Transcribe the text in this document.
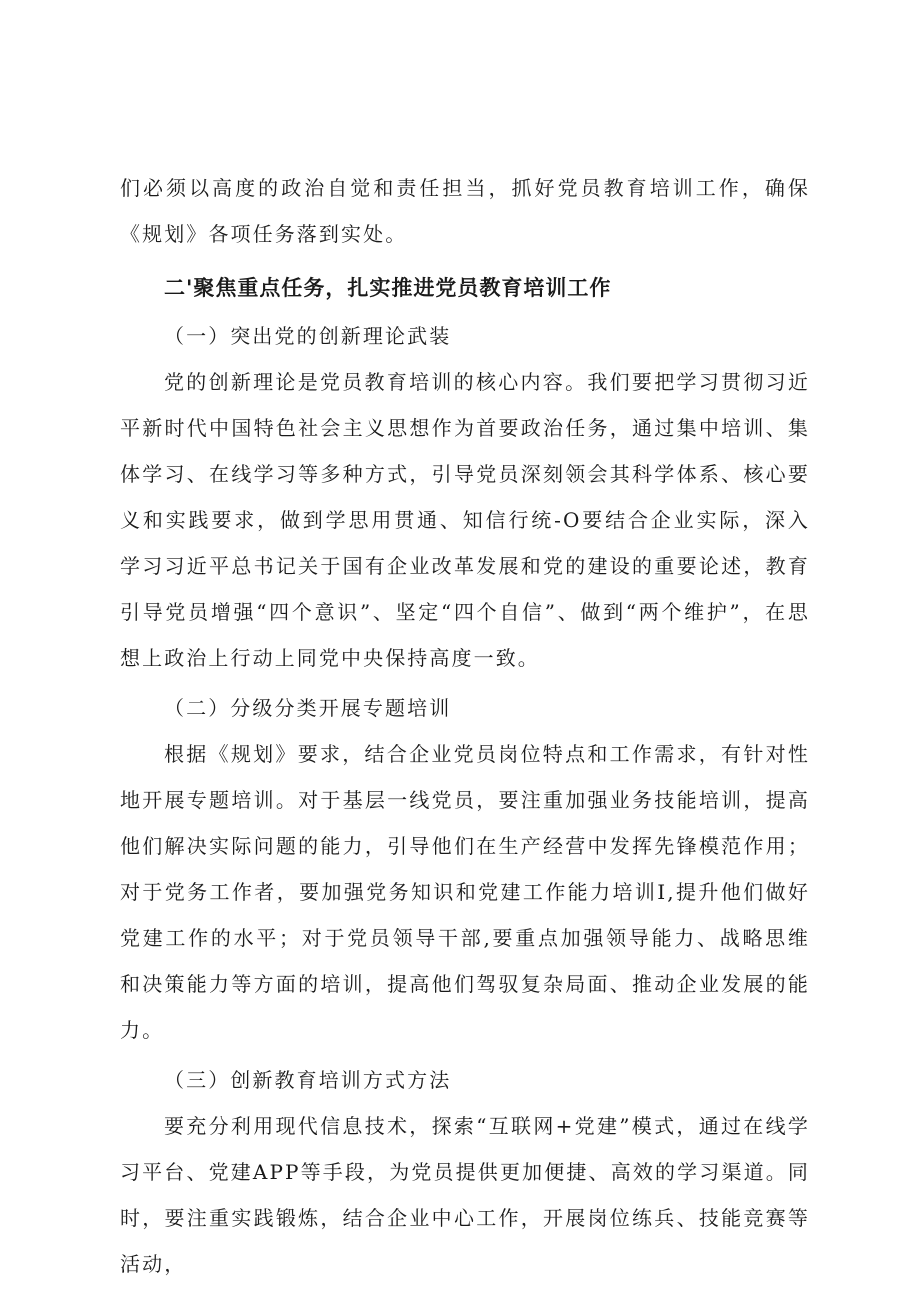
们必须以高度的政治自觉和责任担当，抓好党员教育培训工作，确保《规划》各项任务落到实处。

二'聚焦重点任务，扎实推进党员教育培训工作

（一）突出党的创新理论武装

党的创新理论是党员教育培训的核心内容。我们要把学习贯彻习近平新时代中国特色社会主义思想作为首要政治任务，通过集中培训、集体学习、在线学习等多种方式，引导党员深刻领会其科学体系、核心要义和实践要求，做到学思用贯通、知信行统-O要结合企业实际，深入学习习近平总书记关于国有企业改革发展和党的建设的重要论述，教育引导党员增强“四个意识”、坚定“四个自信”、做到“两个维护”，在思想上政治上行动上同党中央保持高度一致。

（二）分级分类开展专题培训

根据《规划》要求，结合企业党员岗位特点和工作需求，有针对性地开展专题培训。对于基层一线党员，要注重加强业务技能培训，提高他们解决实际问题的能力，引导他们在生产经营中发挥先锋模范作用；对于党务工作者，要加强党务知识和党建工作能力培训I,提升他们做好党建工作的水平；对于党员领导干部,要重点加强领导能力、战略思维和决策能力等方面的培训，提高他们驾驭复杂局面、推动企业发展的能力。

（三）创新教育培训方式方法

要充分利用现代信息技术，探索“互联网+党建”模式，通过在线学习平台、党建APP等手段，为党员提供更加便捷、高效的学习渠道。同时，要注重实践锻炼，结合企业中心工作，开展岗位练兵、技能竞赛等活动，
